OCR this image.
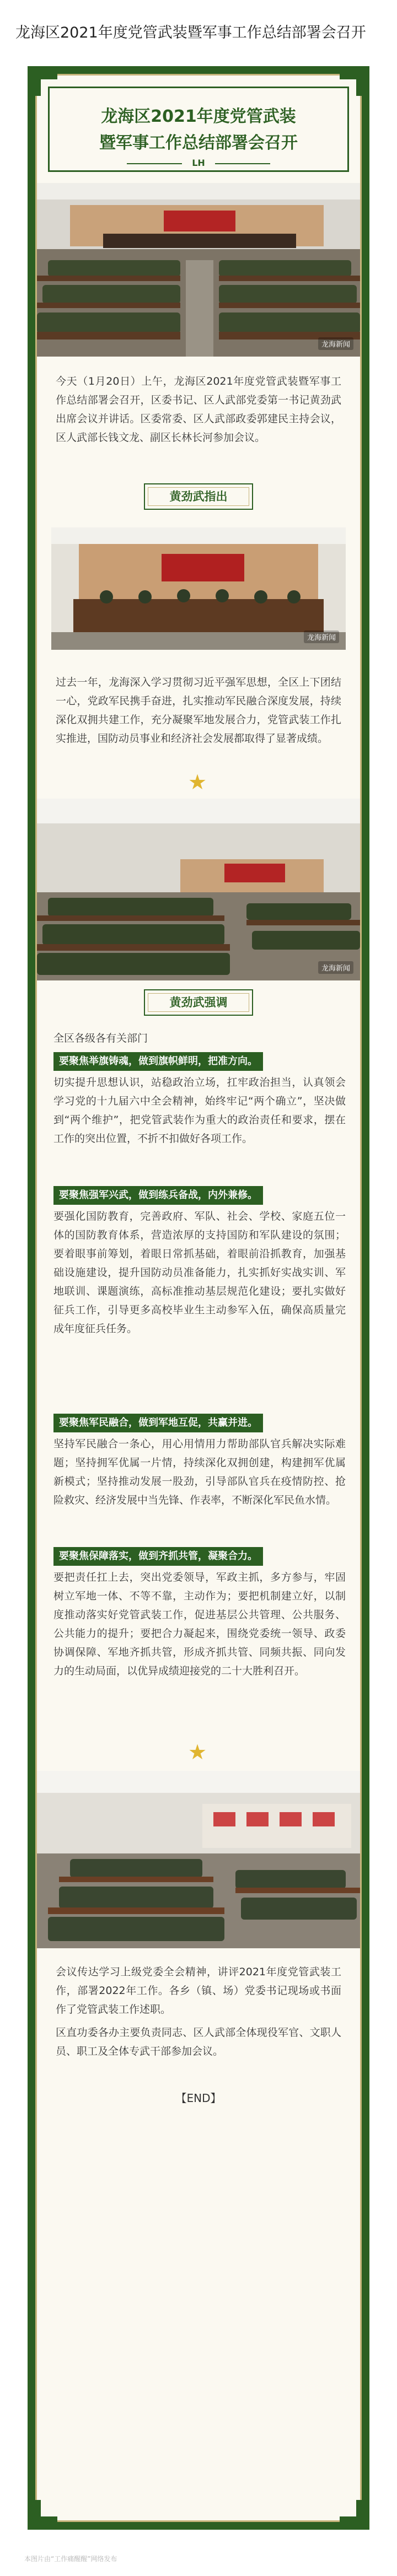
龙海区2021年度党管武装暨军事工作总结部署会召开
龙海区2021年度党管武装
暨军事工作总结部署会召开
LH
龙海新闻
今天（1月20日）上午，龙海区2021年度党管武装暨军事工作总结部署会召开，区委书记、区人武部党委第一书记黄劲武出席会议并讲话。区委常委、区人武部政委郭建民主持会议，区人武部长钱文龙、副区长林长河参加会议。
黄劲武指出
龙海新闻
过去一年，龙海深入学习贯彻习近平强军思想，全区上下团结一心，党政军民携手奋进，扎实推动军民融合深度发展，持续深化双拥共建工作，充分凝聚军地发展合力，党管武装工作扎实推进，国防动员事业和经济社会发展都取得了显著成绩。
★
龙海新闻
黄劲武强调
全区各级各有关部门
要聚焦举旗铸魂，做到旗帜鲜明，把准方向。
切实提升思想认识，站稳政治立场，扛牢政治担当，认真领会学习党的十九届六中全会精神，始终牢记“两个确立”，坚决做到“两个维护”，把党管武装作为重大的政治责任和要求，摆在工作的突出位置，不折不扣做好各项工作。
要聚焦强军兴武，做到练兵备战，内外兼修。
要强化国防教育，完善政府、军队、社会、学校、家庭五位一体的国防教育体系，营造浓厚的支持国防和军队建设的氛围；要着眼事前筹划，着眼日常抓基础，着眼前沿抓教育，加强基础设施建设，提升国防动员准备能力，扎实抓好实战实训、军地联训、课题演练，高标准推动基层规范化建设；要扎实做好征兵工作，引导更多高校毕业生主动参军入伍，确保高质量完成年度征兵任务。
要聚焦军民融合，做到军地互促，共赢并进。
坚持军民融合一条心，用心用情用力帮助部队官兵解决实际难题；坚持拥军优属一片情，持续深化双拥创建，构建拥军优属新模式；坚持推动发展一股劲，引导部队官兵在疫情防控、抢险救灾、经济发展中当先锋、作表率，不断深化军民鱼水情。
要聚焦保障落实，做到齐抓共管，凝聚合力。
要把责任扛上去，突出党委领导，军政主抓，多方参与，牢固树立军地一体、不等不靠，主动作为；要把机制建立好，以制度推动落实好党管武装工作，促进基层公共管理、公共服务、公共能力的提升；要把合力凝起来，围绕党委统一领导、政委协调保障、军地齐抓共管，形成齐抓共管、同频共振、同向发力的生动局面，以优异成绩迎接党的二十大胜利召开。
★
会议传达学习上级党委全会精神，讲评2021年度党管武装工作，部署2022年工作。各乡（镇、场）党委书记现场或书面作了党管武装工作述职。
区直功委各办主要负责同志、区人武部全体现役军官、文职人员、职工及全体专武干部参加会议。
【END】
本图片由“工作痛醒醒”网络发布
